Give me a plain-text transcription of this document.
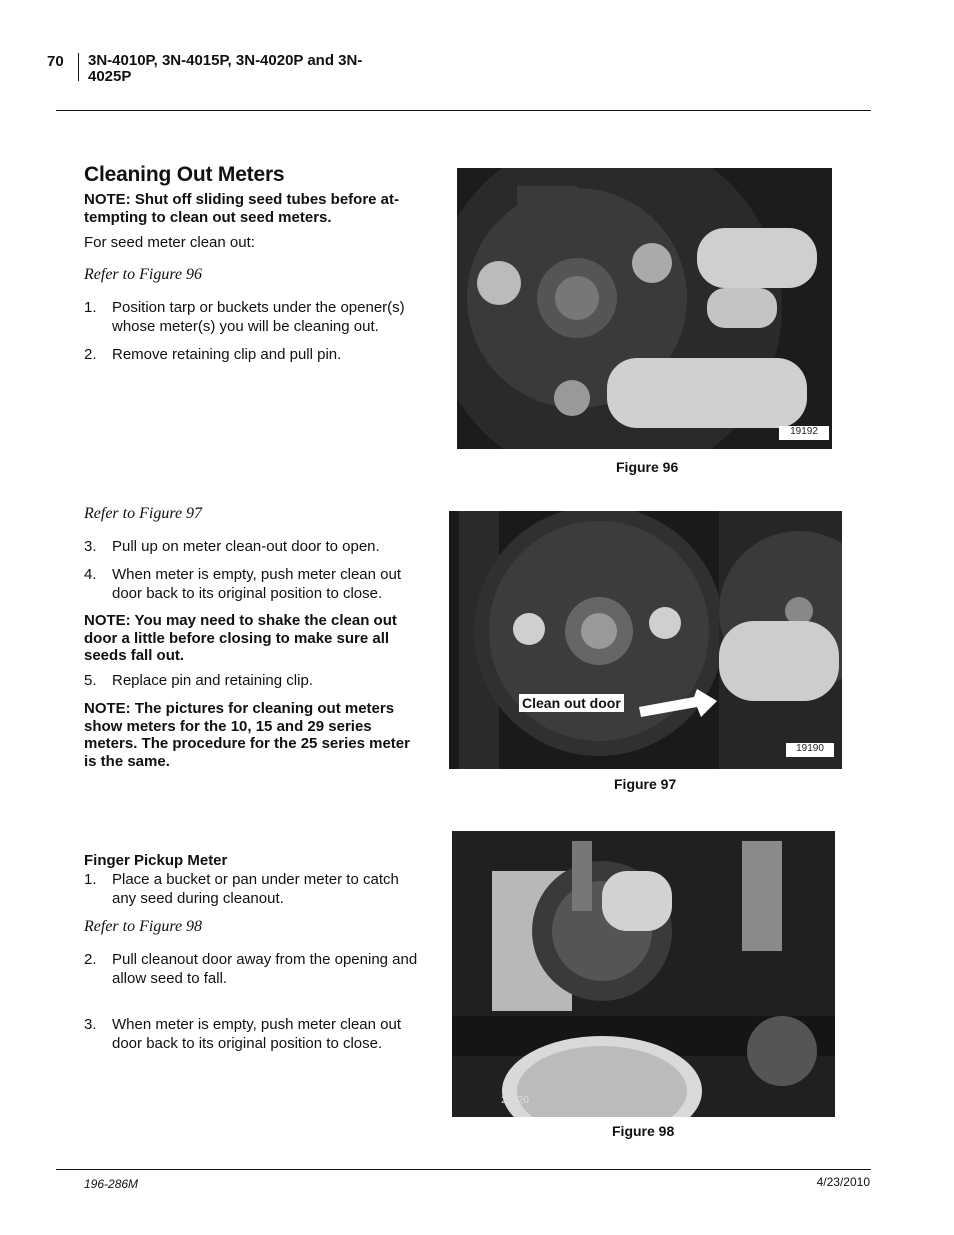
70 3N-4010P, 3N-4015P, 3N-4020P and 3N-4025P
Cleaning Out Meters
NOTE: Shut off sliding seed tubes before at-tempting to clean out seed meters.
For seed meter clean out:
Refer to Figure 96
1. Position tarp or buckets under the opener(s) whose meter(s) you will be cleaning out.
2. Remove retaining clip and pull pin.
Refer to Figure 97
3. Pull up on meter clean-out door to open.
4. When meter is empty, push meter clean out door back to its original position to close.
NOTE: You may need to shake the clean out door a little before closing to make sure all seeds fall out.
5. Replace pin and retaining clip.
NOTE: The pictures for cleaning out meters show meters for the 10, 15 and 29 series meters. The procedure for the 25 series meter is the same.
Finger Pickup Meter
1. Place a bucket or pan under meter to catch any seed during cleanout.
Refer to Figure 98
2. Pull cleanout door away from the opening and allow seed to fall.
3. When meter is empty, push meter clean out door back to its original position to close.
19192
Figure 96
Clean out door
19190
Figure 97
21920
Figure 98
196-286M	4/23/2010
